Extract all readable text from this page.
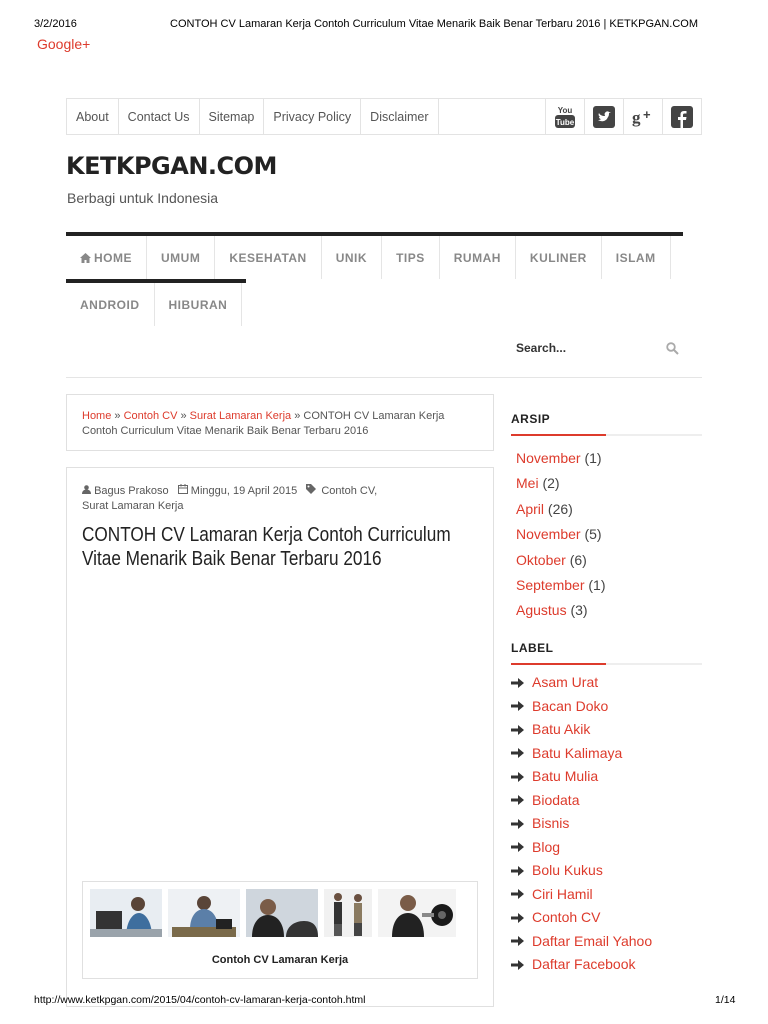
3/2/2016	CONTOH CV Lamaran Kerja Contoh Curriculum Vitae Menarik Baik Benar Terbaru 2016 | KETKPGAN.COM
Google+
About	Contact Us	Sitemap	Privacy Policy	Disclaimer	You
Tube	g +
KETKPGAN.COM
Berbagi untuk Indonesia
HOME	UMUM	KESEHATAN	UNIK	TIPS	RUMAH	KULINER	ISLAM
ANDROID	HIBURAN
Search...
Home » Contoh CV » Surat Lamaran Kerja » CONTOH CV Lamaran Kerja Contoh Curriculum Vitae Menarik Baik Benar Terbaru 2016
Bagus Prakoso Minggu, 19 April 2015 Contoh CV,
Surat Lamaran Kerja
CONTOH CV Lamaran Kerja Contoh Curriculum Vitae Menarik Baik Benar Terbaru 2016
Contoh CV Lamaran Kerja
ARSIP
November (1)
Mei (2)
April (26)
November (5)
Oktober (6)
September (1)
Agustus (3)
LABEL
Asam Urat
Bacan Doko
Batu Akik
Batu Kalimaya
Batu Mulia
Biodata
Bisnis
Blog
Bolu Kukus
Ciri Hamil
Contoh CV
Daftar Email Yahoo
Daftar Facebook
http://www.ketkpgan.com/2015/04/contoh-cv-lamaran-kerja-contoh.html	1/14
